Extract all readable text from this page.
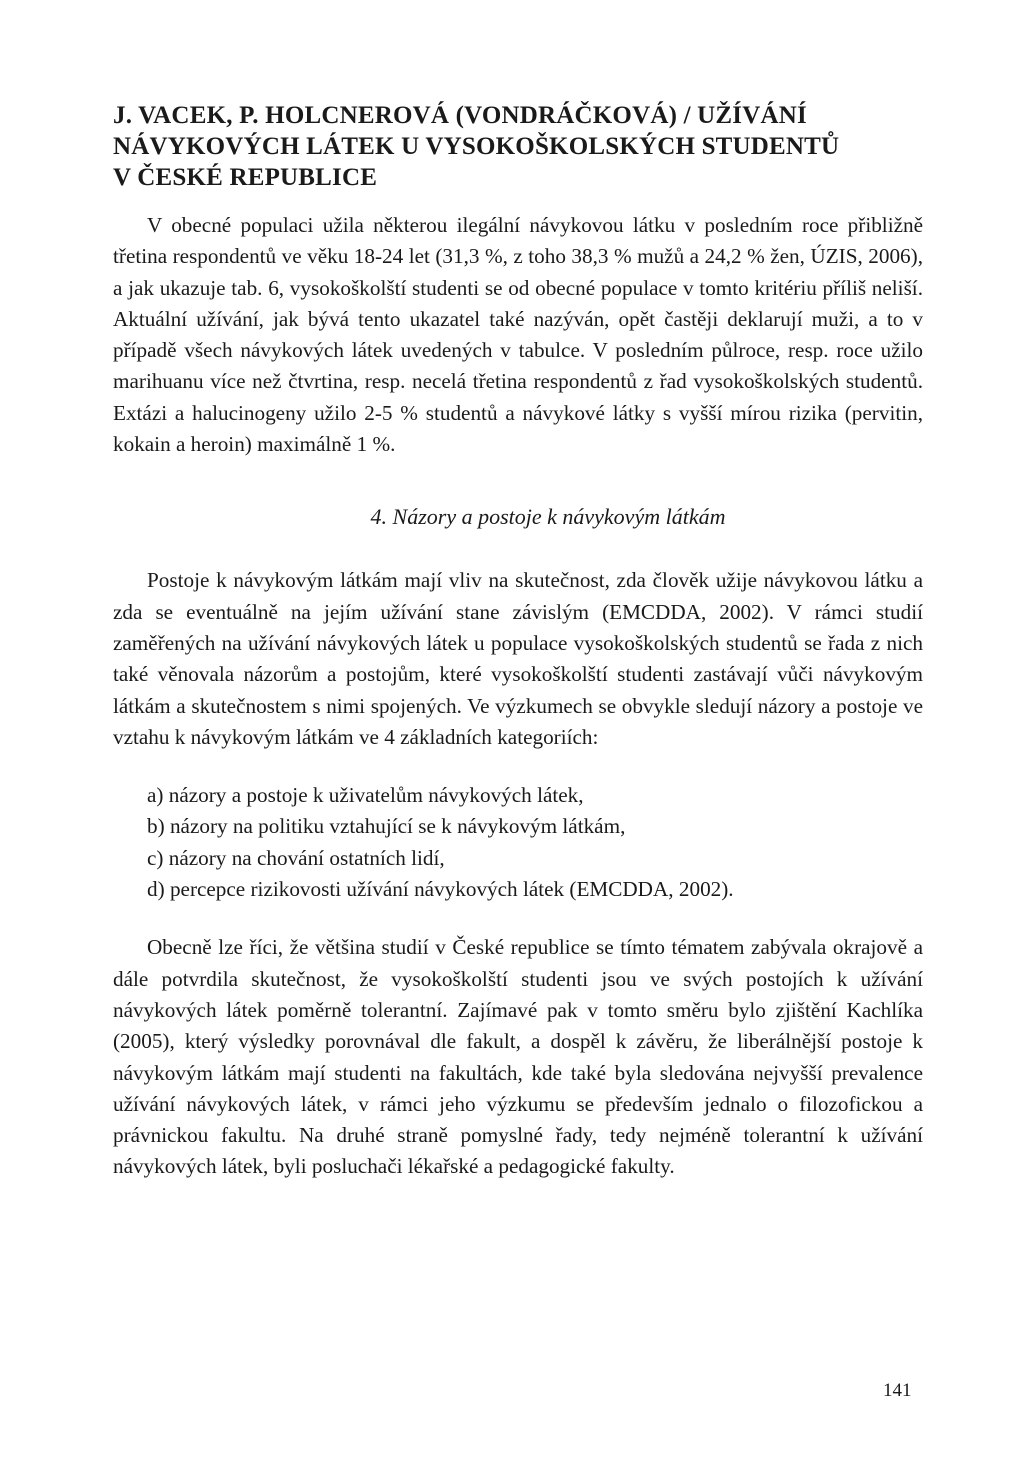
J. VACEK, P. HOLCNEROVÁ (VONDRÁČKOVÁ) / UŽÍVÁNÍ
NÁVYKOVÝCH LÁTEK U VYSOKOŠKOLSKÝCH STUDENTŮ
V ČESKÉ REPUBLICE

V obecné populaci užila některou ilegální návykovou látku v posledním roce přibližně třetina respondentů ve věku 18-24 let (31,3 %, z toho 38,3 % mužů a 24,2 % žen, ÚZIS, 2006), a jak ukazuje tab. 6, vysokoškolští studenti se od obecné populace v tomto kritériu příliš neliší. Aktuální užívání, jak bývá tento ukazatel také nazýván, opět častěji deklarují muži, a to v případě všech návykových látek uvedených v tabulce. V posledním půlroce, resp. roce užilo marihuanu více než čtvrtina, resp. necelá třetina respondentů z řad vysokoškolských studentů. Extázi a halucinogeny užilo 2-5 % studentů a návykové látky s vyšší mírou rizika (pervitin, kokain a heroin) maximálně 1 %.

4. Názory a postoje k návykovým látkám

Postoje k návykovým látkám mají vliv na skutečnost, zda člověk užije návykovou látku a zda se eventuálně na jejím užívání stane závislým (EMCDDA, 2002). V rámci studií zaměřených na užívání návykových látek u populace vysokoškolských studentů se řada z nich také věnovala názorům a postojům, které vysokoškolští studenti zastávají vůči návykovým látkám a skutečnostem s nimi spojených. Ve výzkumech se obvykle sledují názory a postoje ve vztahu k návykovým látkám ve 4 základních kategoriích:

a) názory a postoje k uživatelům návykových látek,
b) názory na politiku vztahující se k návykovým látkám,
c) názory na chování ostatních lidí,
d) percepce rizikovosti užívání návykových látek (EMCDDA, 2002).

Obecně lze říci, že většina studií v České republice se tímto tématem zabývala okrajově a dále potvrdila skutečnost, že vysokoškolští studenti jsou ve svých postojích k užívání návykových látek poměrně tolerantní. Zajímavé pak v tomto směru bylo zjištění Kachlíka (2005), který výsledky porovnával dle fakult, a dospěl k závěru, že liberálnější postoje k návykovým látkám mají studenti na fakultách, kde také byla sledována nejvyšší prevalence užívání návykových látek, v rámci jeho výzkumu se především jednalo o filozofickou a právnickou fakultu. Na druhé straně pomyslné řady, tedy nejméně tolerantní k užívání návykových látek, byli posluchači lékařské a pedagogické fakulty.

141
